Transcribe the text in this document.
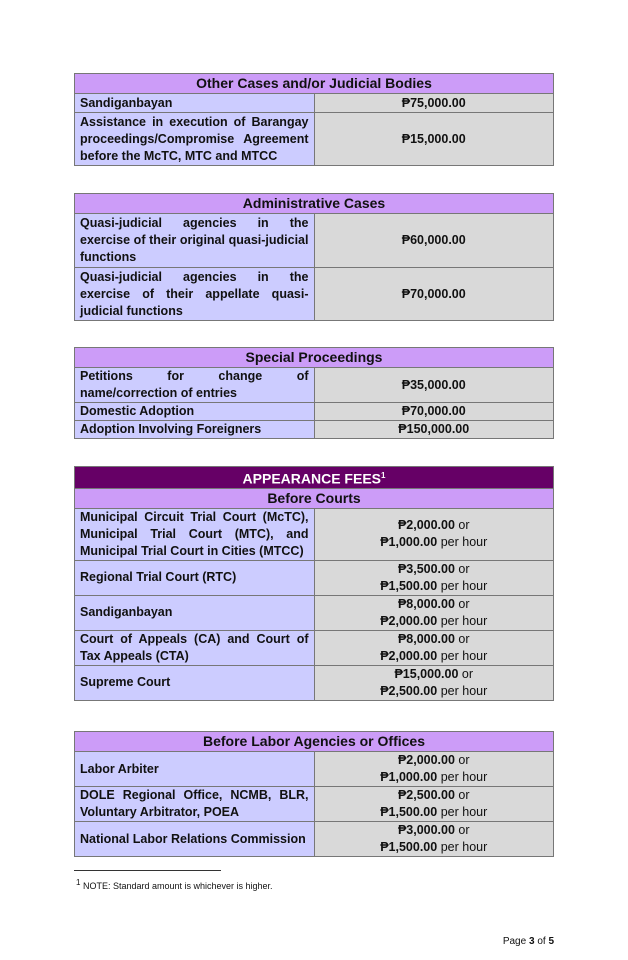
Other Cases and/or Judicial Bodies	
Sandiganbayan	₱75,000.00
Assistance in execution of Barangay proceedings/Compromise Agreement before the McTC, MTC and MTCC	₱15,000.00
Administrative Cases	
Quasi-judicial agencies in the exercise of their original quasi-judicial functions	₱60,000.00
Quasi-judicial agencies in the exercise of their appellate quasi-judicial functions	₱70,000.00
Special Proceedings	
Petitions for change of name/correction of entries	₱35,000.00
Domestic Adoption	₱70,000.00
Adoption Involving Foreigners	₱150,000.00
APPEARANCE FEES$^1$
Before Courts	
Municipal Circuit Trial Court (McTC), Municipal Trial Court (MTC), and Municipal Trial Court in Cities (MTCC)	₱2,000.00 or
₱1,000.00 per hour
Regional Trial Court (RTC)	₱3,500.00 or
₱1,500.00 per hour
Sandiganbayan	₱8,000.00 or
₱2,000.00 per hour
Court of Appeals (CA) and Court of Tax Appeals (CTA)	₱8,000.00 or
₱2,000.00 per hour
Supreme Court	₱15,000.00 or
₱2,500.00 per hour
Before Labor Agencies or Offices	
Labor Arbiter	₱2,000.00 or
₱1,000.00 per hour
DOLE Regional Office, NCMB, BLR, Voluntary Arbitrator, POEA	₱2,500.00 or
₱1,500.00 per hour
National Labor Relations Commission	₱3,000.00 or
₱1,500.00 per hour
$^1$ NOTE: Standard amount is whichever is higher.
Page 3 of 5
